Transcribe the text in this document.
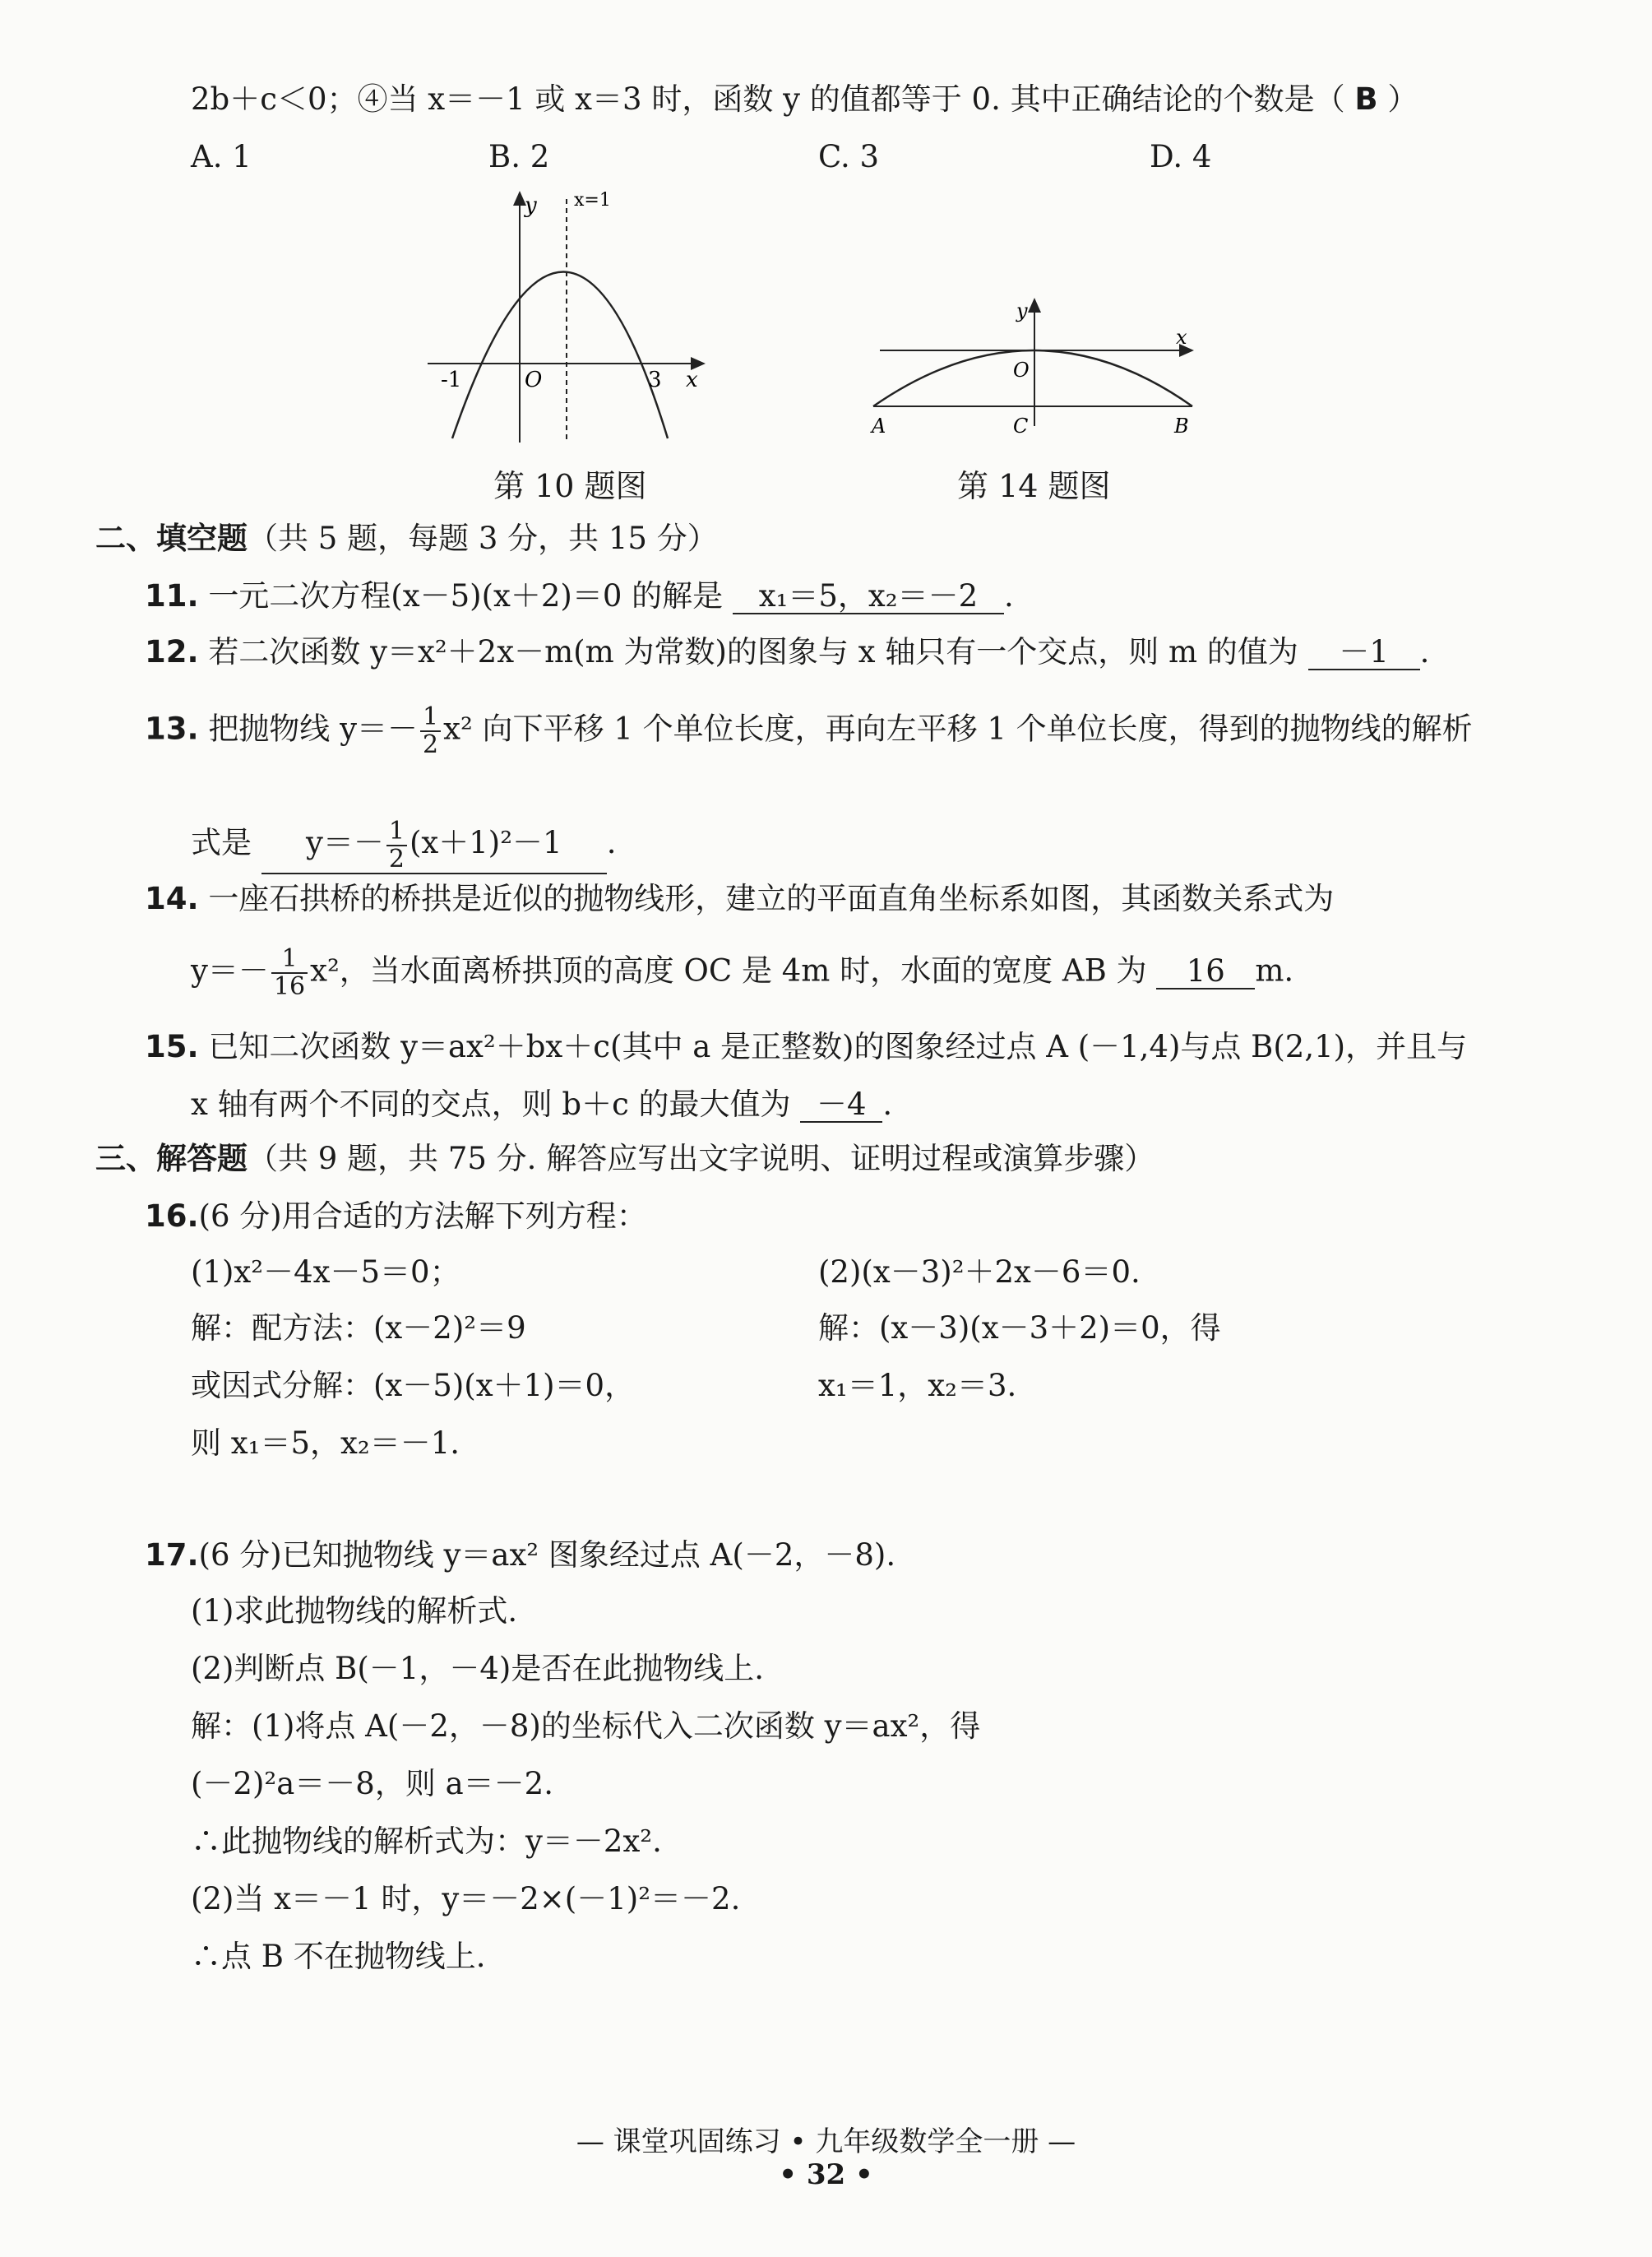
2b＋c＜0；④当 x＝－1 或 x＝3 时，函数 y 的值都等于 0. 其中正确结论的个数是（ B ）
A. 1	B. 2	C. 3	D. 4
y x=1
x
O
-1	3
第 10 题图
y
x
O
A	C	B
第 14 题图
二、填空题（共 5 题，每题 3 分，共 15 分）
11. 一元二次方程(x－5)(x＋2)＝0 的解是 x₁＝5，x₂＝－2 .
12. 若二次函数 y＝x²＋2x－m(m 为常数)的图象与 x 轴只有一个交点，则 m 的值为 －1 .
13. 把抛物线 $y=- \frac{1}{2} x^2$ 向下平移 1 个单位长度，再向左平移 1 个单位长度，得到的抛物线的解析
式是 $y=- \frac{1}{2} (x+1)^2-1$ .
14. 一座石拱桥的桥拱是近似的抛物线形，建立的平面直角坐标系如图，其函数关系式为
$y=- \frac{1}{16} x^2$，当水面离桥拱顶的高度 OC 是 4m 时，水面的宽度 AB 为 16 m.
15. 已知二次函数 y＝ax²＋bx＋c(其中 a 是正整数)的图象经过点 A (－1,4)与点 B(2,1)，并且与
x 轴有两个不同的交点，则 b＋c 的最大值为 －4 .
三、解答题（共 9 题，共 75 分. 解答应写出文字说明、证明过程或演算步骤）
16.(6 分)用合适的方法解下列方程：
(1)x²－4x－5＝0；	(2)(x－3)²＋2x－6＝0.
解：配方法：(x－2)²＝9	解：(x－3)(x－3＋2)＝0，得
或因式分解：(x－5)(x＋1)＝0，	x₁＝1，x₂＝3.
则 x₁＝5，x₂＝－1.
17.(6 分)已知抛物线 y＝ax² 图象经过点 A(－2，－8).
(1)求此抛物线的解析式.
(2)判断点 B(－1，－4)是否在此抛物线上.
解：(1)将点 A(－2，－8)的坐标代入二次函数 y＝ax²，得
(－2)²a＝－8，则 a＝－2.
∴此抛物线的解析式为：y＝－2x².
(2)当 x＝－1 时，y＝－2×(－1)²＝－2.
∴点 B 不在抛物线上.
— 课堂巩固练习 • 九年级数学全一册 —
• 32 •
